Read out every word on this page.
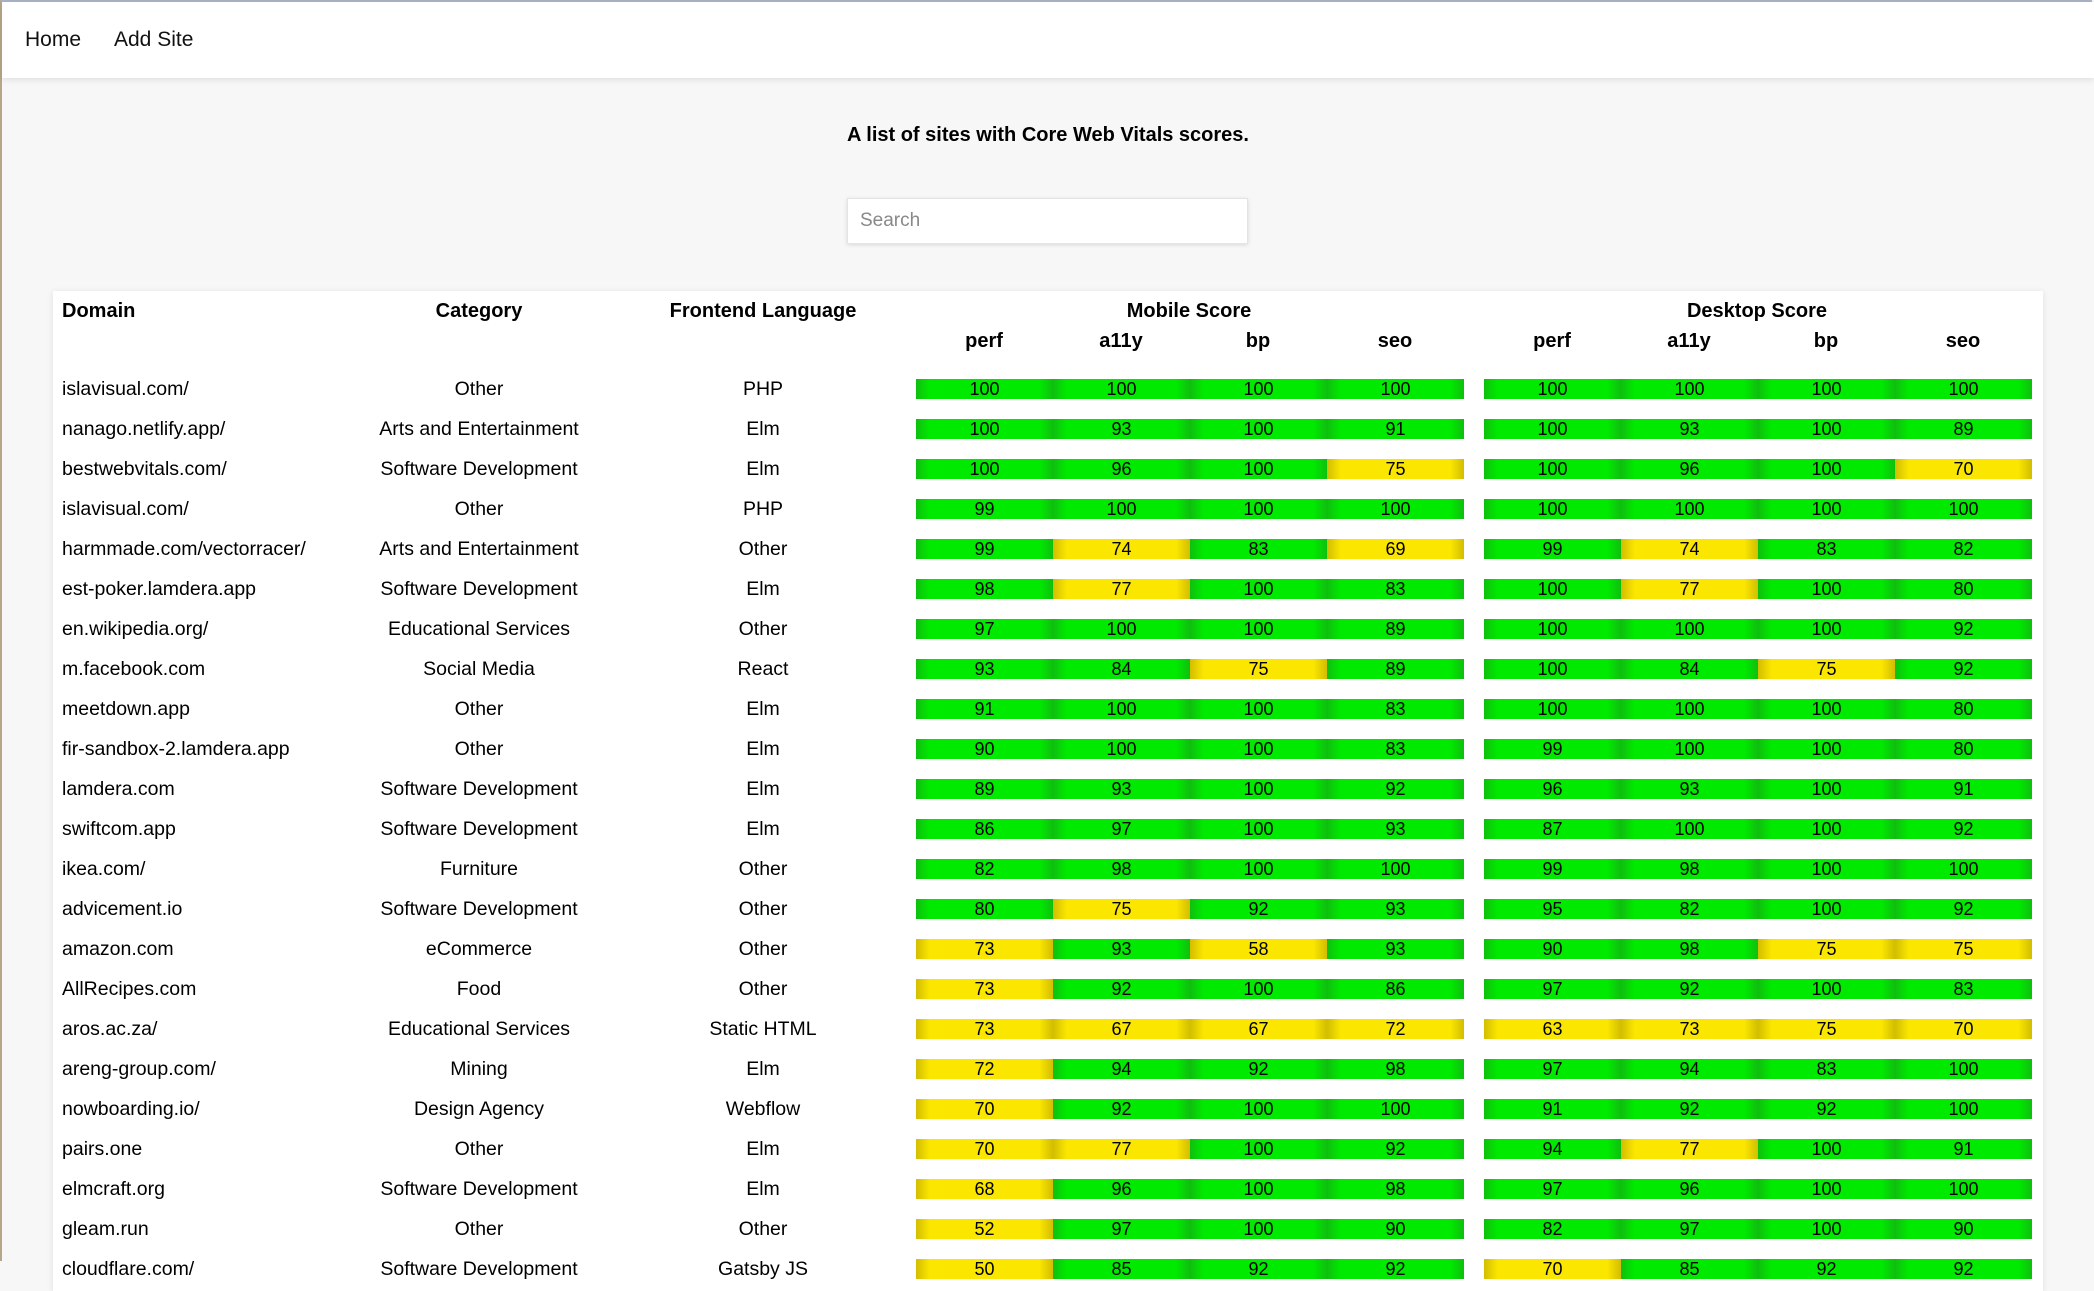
Home Add Site
A list of sites with Core Web Vitals scores.
Search
Domain	Category	Frontend Language	Mobile Score	Desktop Score
perf	a11y	bp	seo	perf	a11y	bp	seo
islavisual.com/	Other	PHP	100	100	100	100	100	100	100	100
nanago.netlify.app/	Arts and Entertainment	Elm	100	93	100	91	100	93	100	89
bestwebvitals.com/	Software Development	Elm	100	96	100	75	100	96	100	70
islavisual.com/	Other	PHP	99	100	100	100	100	100	100	100
harmmade.com/vectorracer/	Arts and Entertainment	Other	99	74	83	69	99	74	83	82
est-poker.lamdera.app	Software Development	Elm	98	77	100	83	100	77	100	80
en.wikipedia.org/	Educational Services	Other	97	100	100	89	100	100	100	92
m.facebook.com	Social Media	React	93	84	75	89	100	84	75	92
meetdown.app	Other	Elm	91	100	100	83	100	100	100	80
fir-sandbox-2.lamdera.app	Other	Elm	90	100	100	83	99	100	100	80
lamdera.com	Software Development	Elm	89	93	100	92	96	93	100	91
swiftcom.app	Software Development	Elm	86	97	100	93	87	100	100	92
ikea.com/	Furniture	Other	82	98	100	100	99	98	100	100
advicement.io	Software Development	Other	80	75	92	93	95	82	100	92
amazon.com	eCommerce	Other	73	93	58	93	90	98	75	75
AllRecipes.com	Food	Other	73	92	100	86	97	92	100	83
aros.ac.za/	Educational Services	Static HTML	73	67	67	72	63	73	75	70
areng-group.com/	Mining	Elm	72	94	92	98	97	94	83	100
nowboarding.io/	Design Agency	Webflow	70	92	100	100	91	92	92	100
pairs.one	Other	Elm	70	77	100	92	94	77	100	91
elmcraft.org	Software Development	Elm	68	96	100	98	97	96	100	100
gleam.run	Other	Other	52	97	100	90	82	97	100	90
cloudflare.com/	Software Development	Gatsby JS	50	85	92	92	70	85	92	92
